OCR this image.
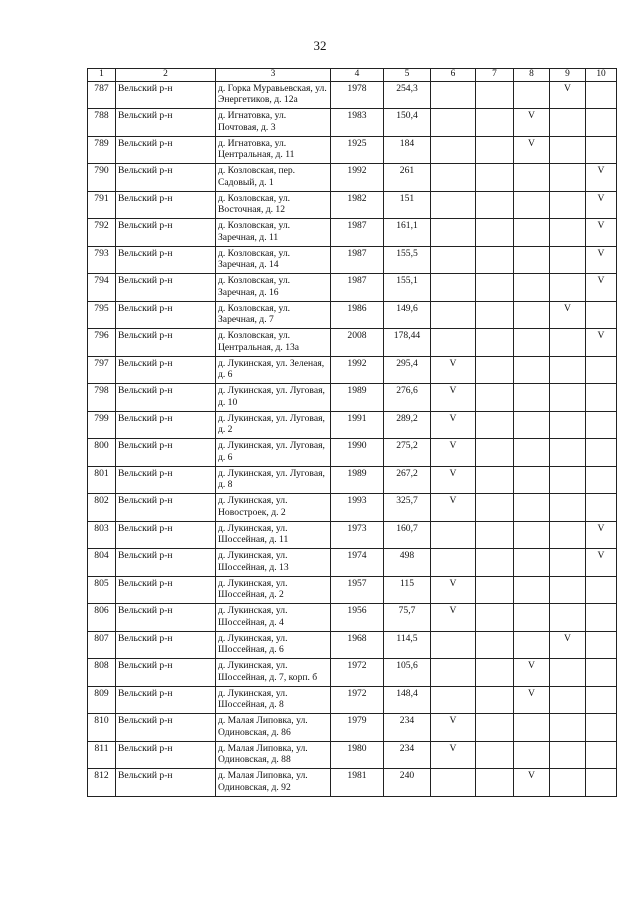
32
1	2	3	4	5	6	7	8	9	10
787	Вельский р-н	д. Горка Муравьевская, ул. Энергетиков, д. 12а	1978	254,3				V	
788	Вельский р-н	д. Игнатовка, ул. Почтовая, д. 3	1983	150,4			V		
789	Вельский р-н	д. Игнатовка, ул. Центральная, д. 11	1925	184			V		
790	Вельский р-н	д. Козловская, пер. Садовый, д. 1	1992	261					V
791	Вельский р-н	д. Козловская, ул. Восточная, д. 12	1982	151					V
792	Вельский р-н	д. Козловская, ул. Заречная, д. 11	1987	161,1					V
793	Вельский р-н	д. Козловская, ул. Заречная, д. 14	1987	155,5					V
794	Вельский р-н	д. Козловская, ул. Заречная, д. 16	1987	155,1					V
795	Вельский р-н	д. Козловская, ул. Заречная, д. 7	1986	149,6				V	
796	Вельский р-н	д. Козловская, ул. Центральная, д. 13а	2008	178,44					V
797	Вельский р-н	д. Лукинская, ул. Зеленая, д. 6	1992	295,4	V				
798	Вельский р-н	д. Лукинская, ул. Луговая, д. 10	1989	276,6	V				
799	Вельский р-н	д. Лукинская, ул. Луговая, д. 2	1991	289,2	V				
800	Вельский р-н	д. Лукинская, ул. Луговая, д. 6	1990	275,2	V				
801	Вельский р-н	д. Лукинская, ул. Луговая, д. 8	1989	267,2	V				
802	Вельский р-н	д. Лукинская, ул. Новостроек, д. 2	1993	325,7	V				
803	Вельский р-н	д. Лукинская, ул. Шоссейная, д. 11	1973	160,7					V
804	Вельский р-н	д. Лукинская, ул. Шоссейная, д. 13	1974	498					V
805	Вельский р-н	д. Лукинская, ул. Шоссейная, д. 2	1957	115	V				
806	Вельский р-н	д. Лукинская, ул. Шоссейная, д. 4	1956	75,7	V				
807	Вельский р-н	д. Лукинская, ул. Шоссейная, д. 6	1968	114,5				V	
808	Вельский р-н	д. Лукинская, ул. Шоссейная, д. 7, корп. б	1972	105,6			V		
809	Вельский р-н	д. Лукинская, ул. Шоссейная, д. 8	1972	148,4			V		
810	Вельский р-н	д. Малая Липовка, ул. Одиновская, д. 86	1979	234	V				
811	Вельский р-н	д. Малая Липовка, ул. Одиновская, д. 88	1980	234	V				
812	Вельский р-н	д. Малая Липовка, ул. Одиновская, д. 92	1981	240			V		
